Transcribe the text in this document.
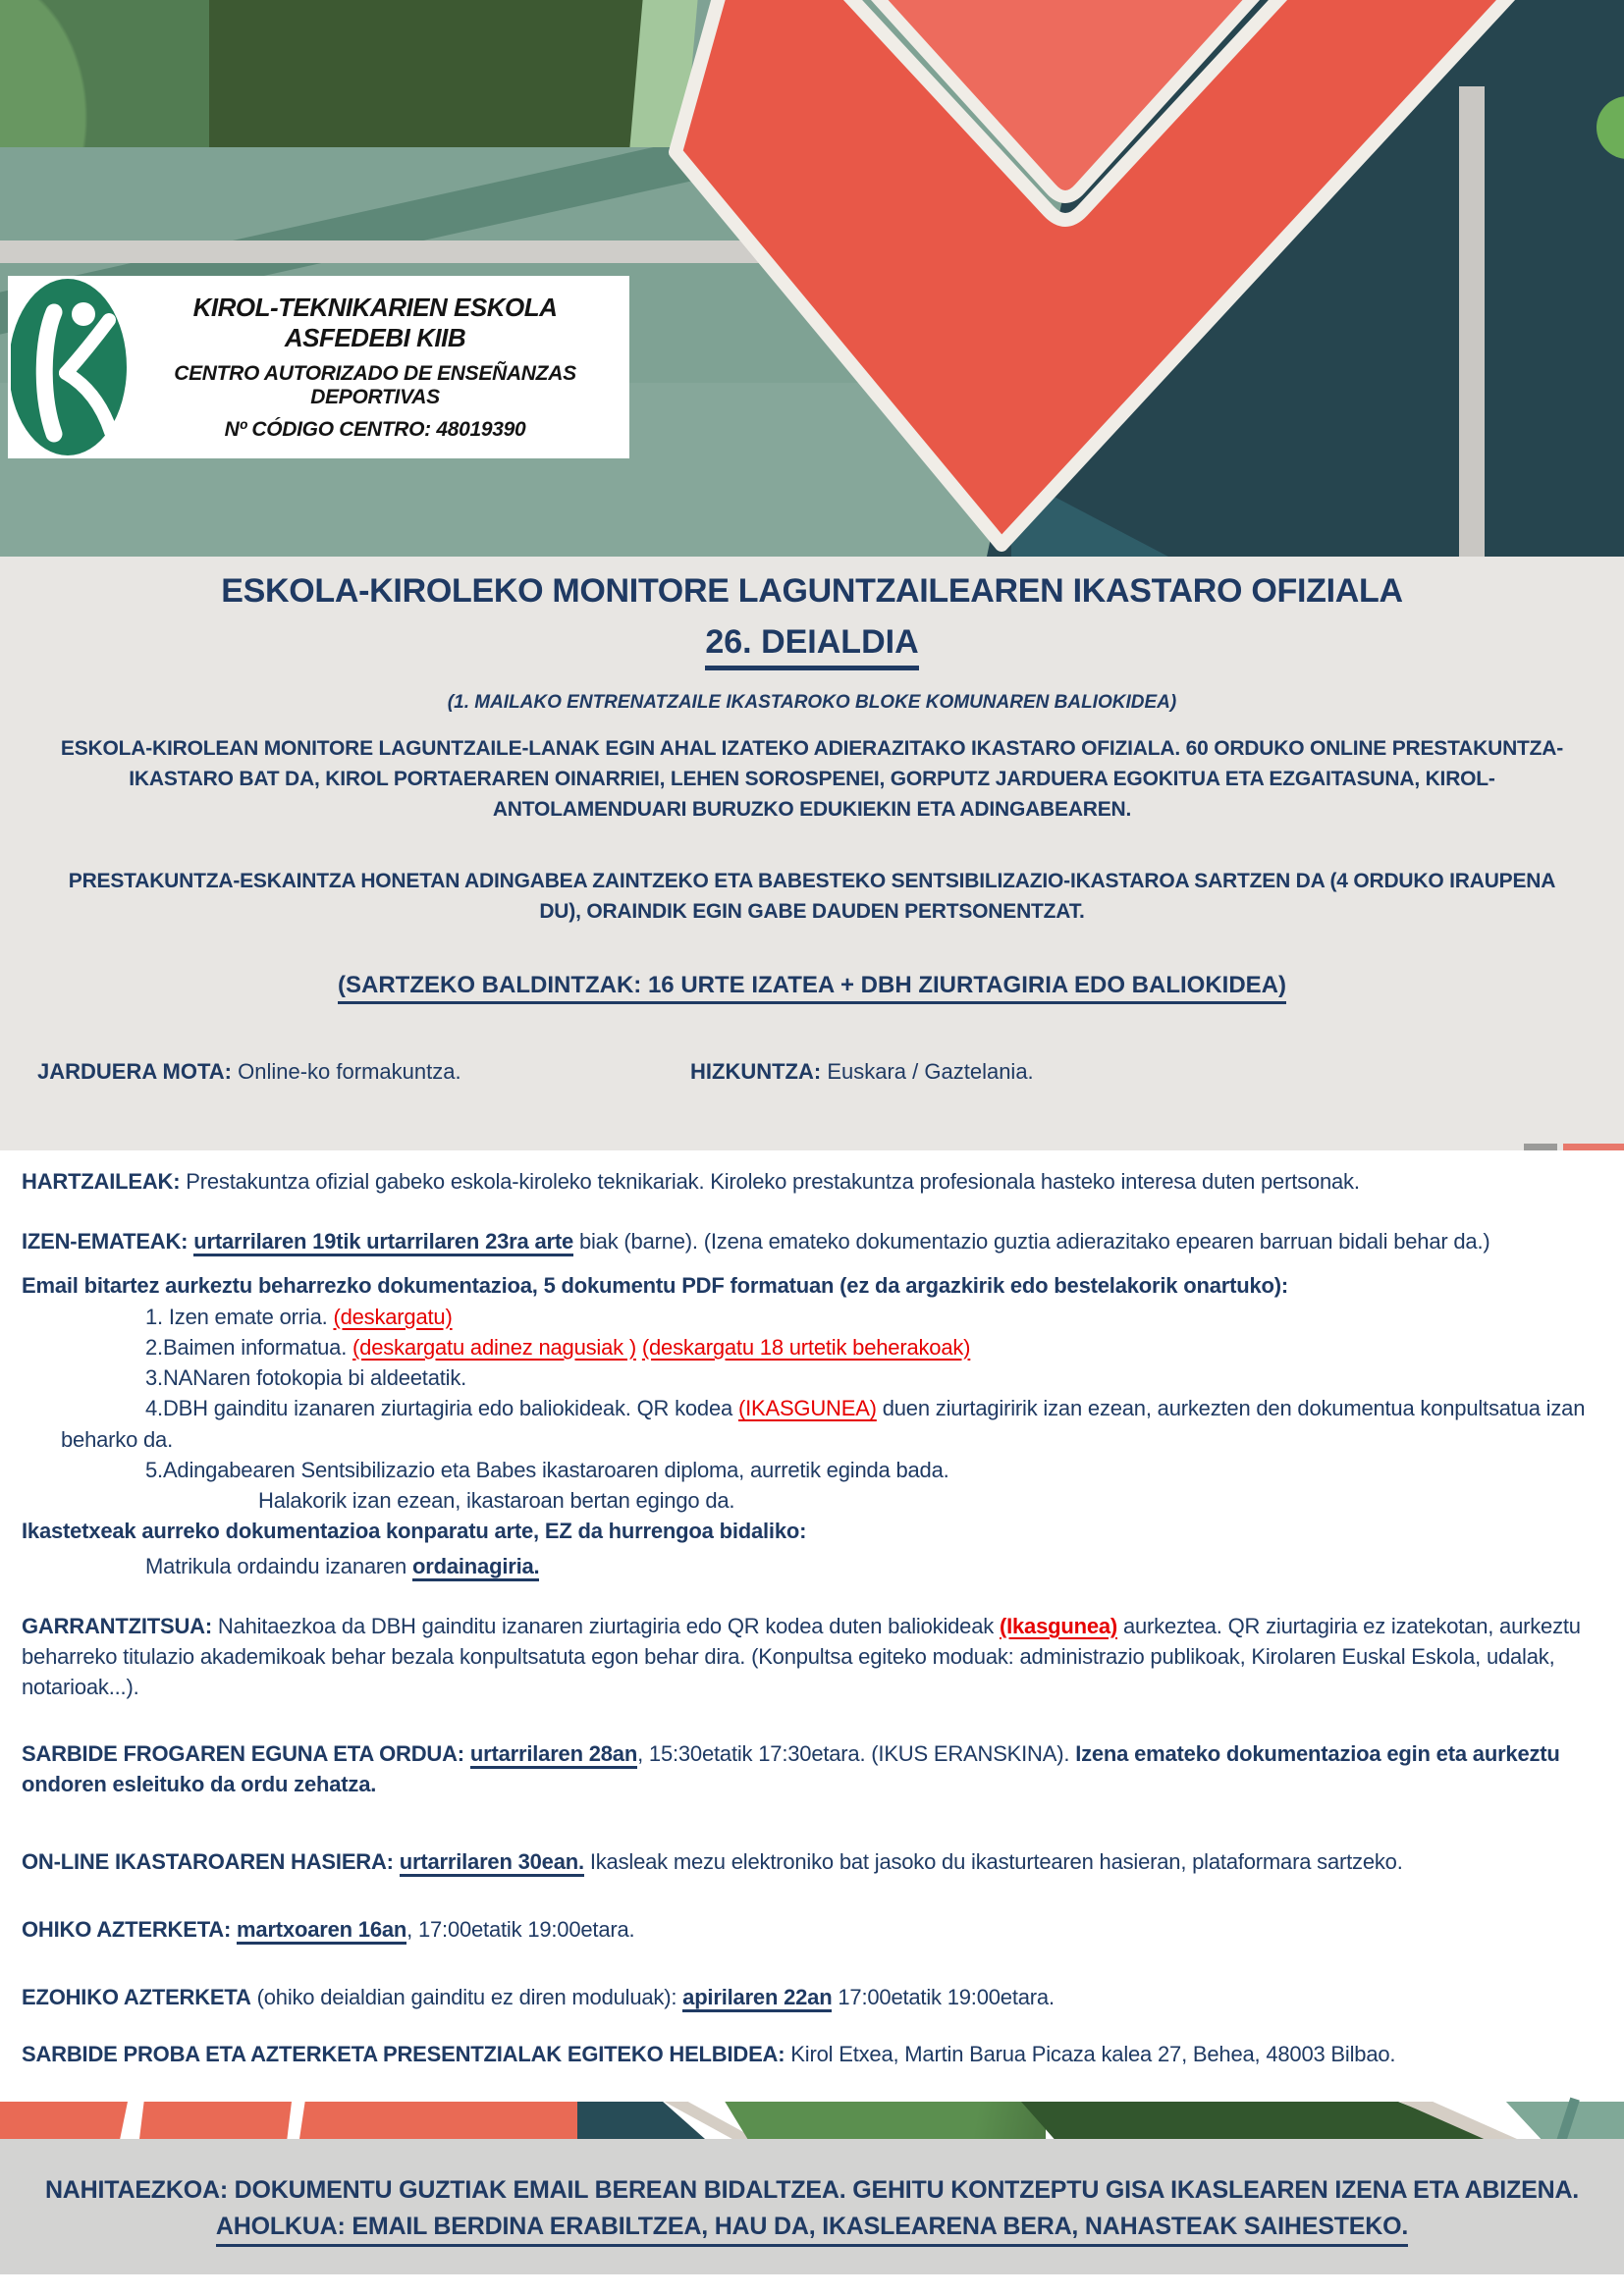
KIROL-TEKNIKARIEN ESKOLA ASFEDEBI KIIB
CENTRO AUTORIZADO DE ENSEÑANZAS DEPORTIVAS
Nº CÓDIGO CENTRO: 48019390
ESKOLA-KIROLEKO MONITORE LAGUNTZAILEAREN IKASTARO OFIZIALA
26. DEIALDIA
(1. MAILAKO ENTRENATZAILE IKASTAROKO BLOKE KOMUNAREN BALIOKIDEA)
ESKOLA-KIROLEAN MONITORE LAGUNTZAILE-LANAK EGIN AHAL IZATEKO ADIERAZITAKO IKASTARO OFIZIALA. 60 ORDUKO ONLINE PRESTAKUNTZA-IKASTARO BAT DA, KIROL PORTAERAREN OINARRIEI, LEHEN SOROSPENEI, GORPUTZ JARDUERA EGOKITUA ETA EZGAITASUNA, KIROL-ANTOLAMENDUARI BURUZKO EDUKIEKIN ETA ADINGABEAREN.
PRESTAKUNTZA-ESKAINTZA HONETAN ADINGABEA ZAINTZEKO ETA BABESTEKO SENTSIBILIZAZIO-IKASTAROA SARTZEN DA (4 ORDUKO IRAUPENA DU), ORAINDIK EGIN GABE DAUDEN PERTSONENTZAT.
(SARTZEKO BALDINTZAK: 16 URTE IZATEA + DBH ZIURTAGIRIA EDO BALIOKIDEA)
JARDUERA MOTA: Online-ko formakuntza.	HIZKUNTZA: Euskara / Gaztelania.

HARTZAILEAK: Prestakuntza ofizial gabeko eskola-kiroleko teknikariak. Kiroleko prestakuntza profesionala hasteko interesa duten pertsonak.

IZEN-EMATEAK: urtarrilaren 19tik urtarrilaren 23ra arte biak (barne). (Izena emateko dokumentazio guztia adierazitako epearen barruan bidali behar da.)

Email bitartez aurkeztu beharrezko dokumentazioa, 5 dokumentu PDF formatuan (ez da argazkirik edo bestelakorik onartuko):

1. Izen emate orria. (deskargatu)

2.Baimen informatua. (deskargatu adinez nagusiak ) (deskargatu 18 urtetik beherakoak)

3.NANaren fotokopia bi aldeetatik.

4.DBH gainditu izanaren ziurtagiria edo baliokideak. QR kodea (IKASGUNEA) duen ziurtagiririk izan ezean, aurkezten den dokumentua konpultsatua izan beharko da.

5.Adingabearen Sentsibilizazio eta Babes ikastaroaren diploma, aurretik eginda bada.

Halakorik izan ezean, ikastaroan bertan egingo da.

Ikastetxeak aurreko dokumentazioa konparatu arte, EZ da hurrengoa bidaliko:

Matrikula ordaindu izanaren ordainagiria.

GARRANTZITSUA: Nahitaezkoa da DBH gainditu izanaren ziurtagiria edo QR kodea duten baliokideak (Ikasgunea) aurkeztea. QR ziurtagiria ez izatekotan, aurkeztu beharreko titulazio akademikoak behar bezala konpultsatuta egon behar dira. (Konpultsa egiteko moduak: administrazio publikoak, Kirolaren Euskal Eskola, udalak, notarioak...).

SARBIDE FROGAREN EGUNA ETA ORDUA: urtarrilaren 28an, 15:30etatik 17:30etara. (IKUS ERANSKINA). Izena emateko dokumentazioa egin eta aurkeztu ondoren esleituko da ordu zehatza.

ON-LINE IKASTAROAREN HASIERA: urtarrilaren 30ean. Ikasleak mezu elektroniko bat jasoko du ikasturtearen hasieran, plataformara sartzeko.

OHIKO AZTERKETA: martxoaren 16an, 17:00etatik 19:00etara.

EZOHIKO AZTERKETA (ohiko deialdian gainditu ez diren moduluak): apirilaren 22an 17:00etatik 19:00etara.

SARBIDE PROBA ETA AZTERKETA PRESENTZIALAK EGITEKO HELBIDEA: Kirol Etxea, Martin Barua Picaza kalea 27, Behea, 48003 Bilbao.

NAHITAEZKOA: DOKUMENTU GUZTIAK EMAIL BEREAN BIDALTZEA. GEHITU KONTZEPTU GISA IKASLEAREN IZENA ETA ABIZENA.
AHOLKUA: EMAIL BERDINA ERABILTZEA, HAU DA, IKASLEARENA BERA, NAHASTEAK SAIHESTEKO.
